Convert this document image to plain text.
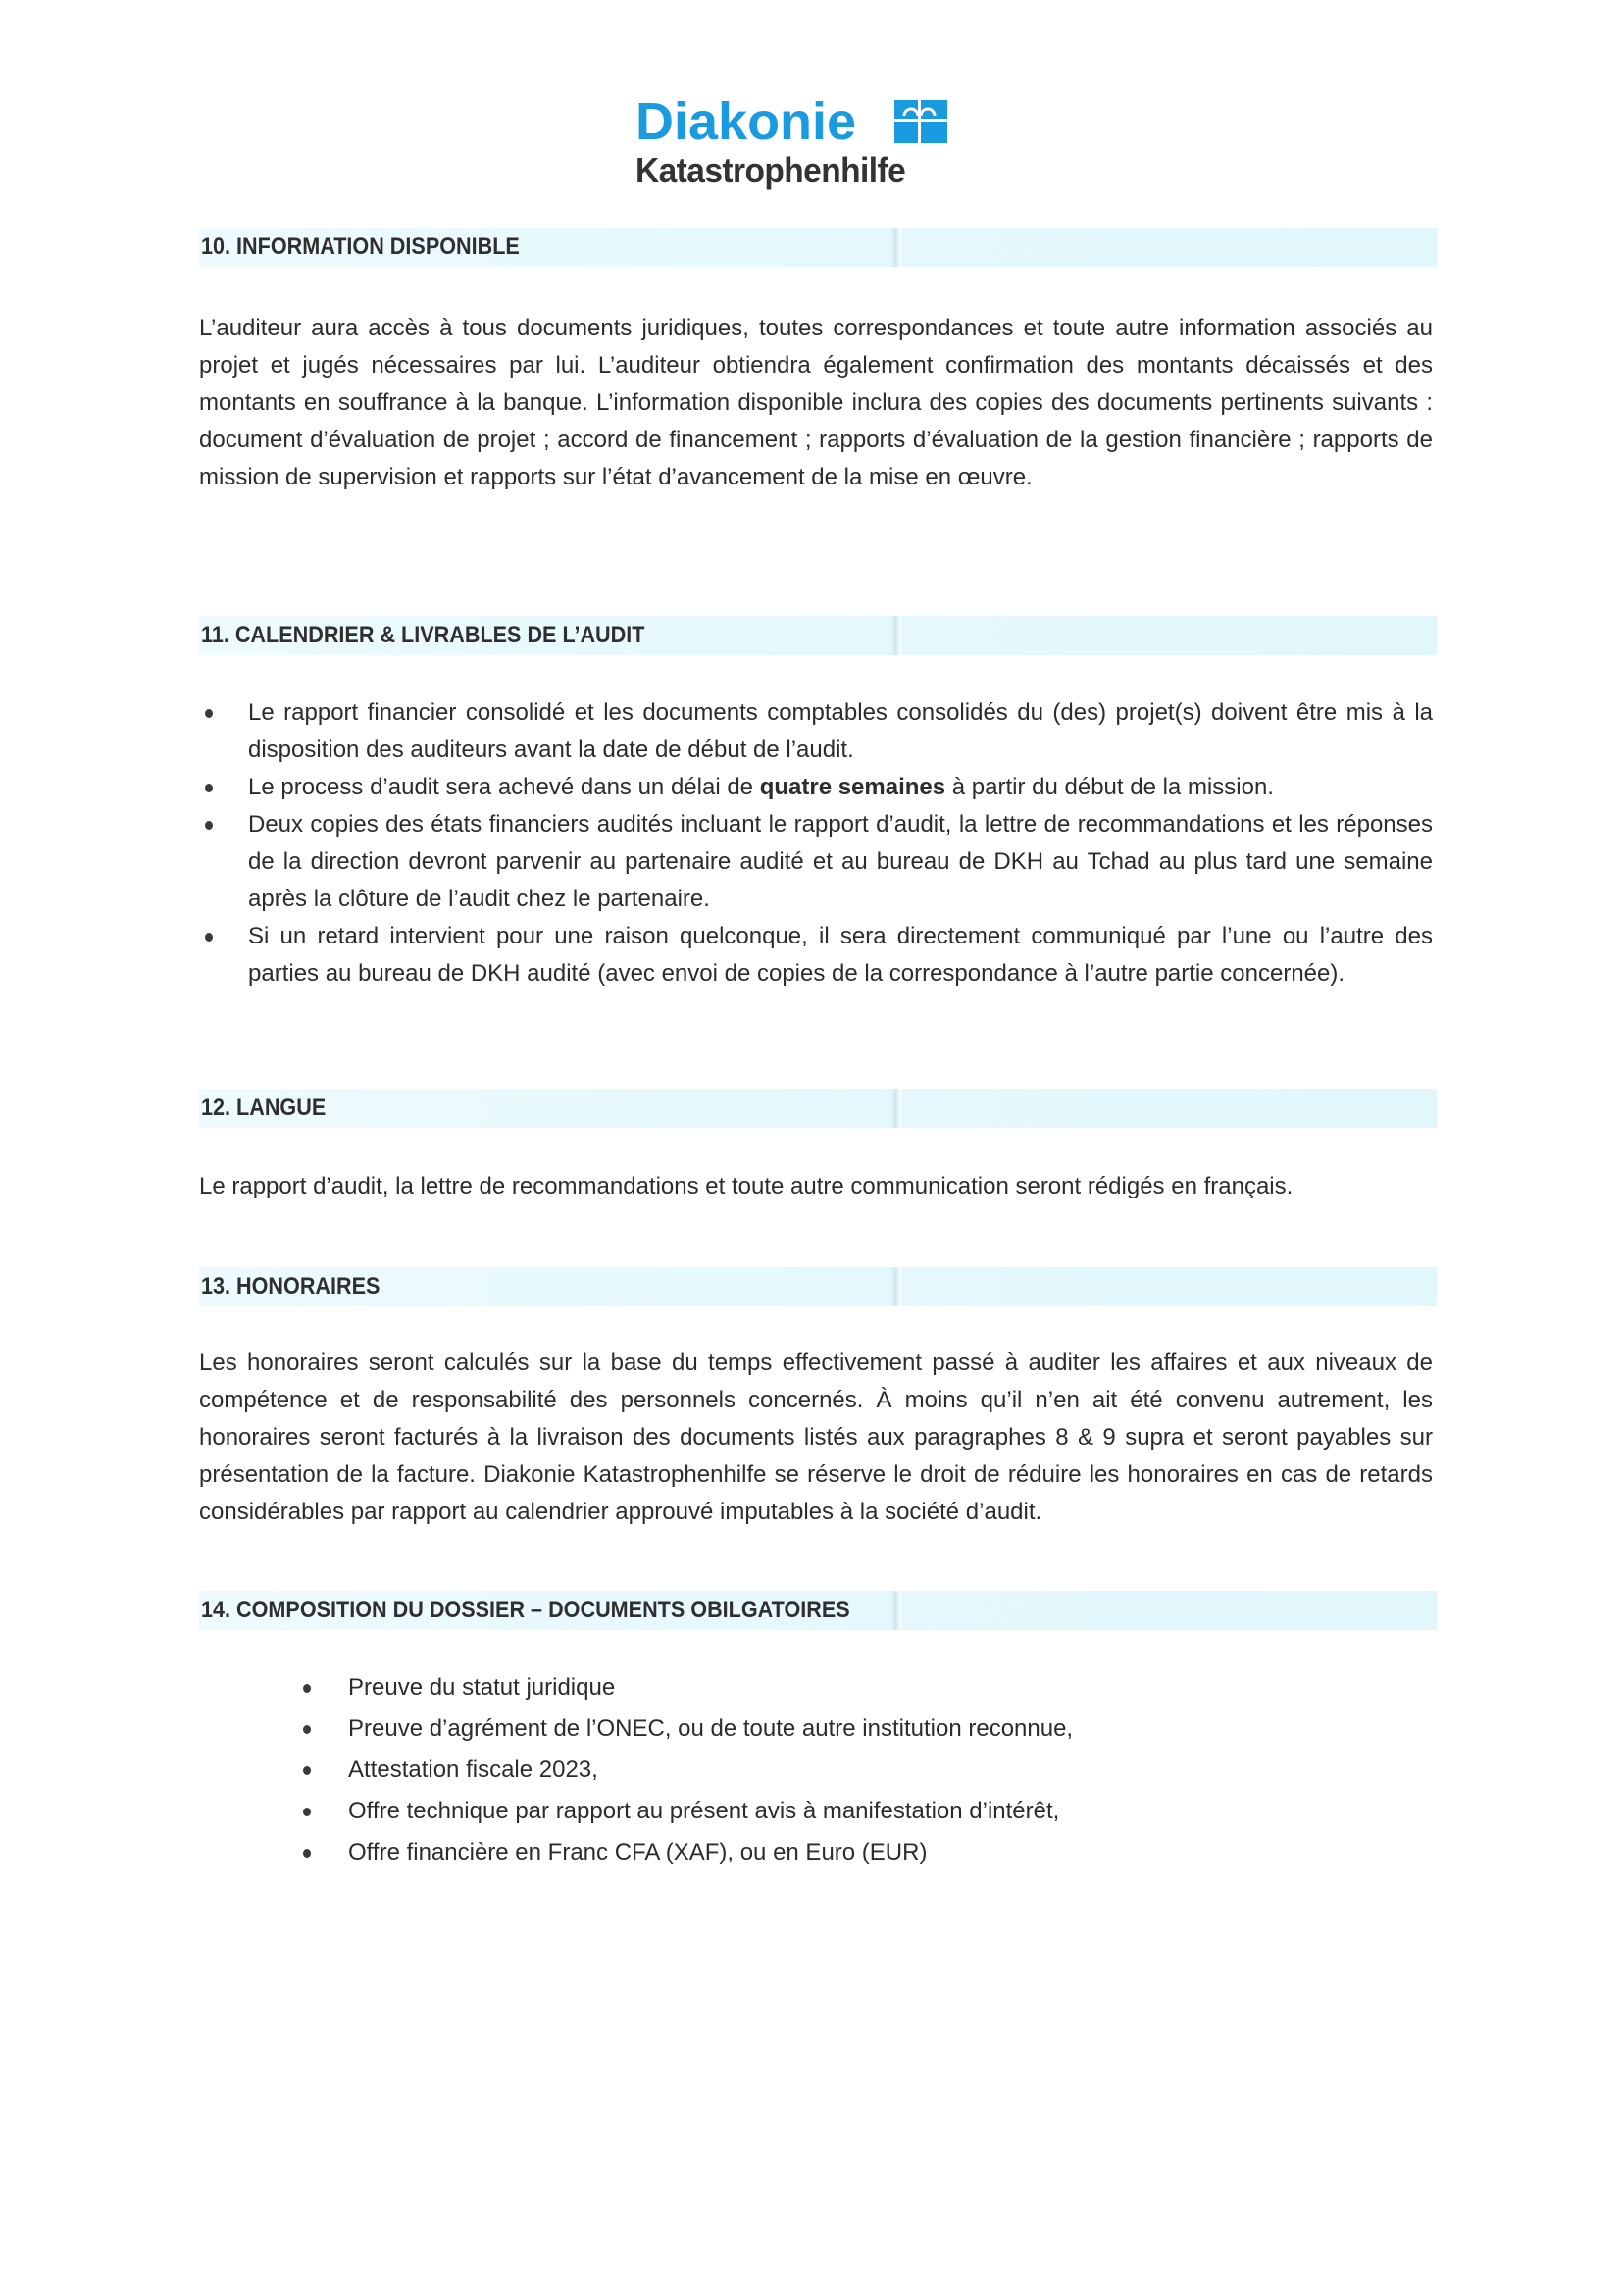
Diakonie
Katastrophenhilfe
10. INFORMATION DISPONIBLE

L’auditeur aura accès à tous documents juridiques, toutes correspondances et toute autre information associés au projet et jugés nécessaires par lui. L’auditeur obtiendra également confirmation des montants décaissés et des montants en souffrance à la banque. L’information disponible inclura des copies des documents pertinents suivants : document d’évaluation de projet ; accord de financement ; rapports d’évaluation de la gestion financière ; rapports de mission de supervision et rapports sur l’état d’avancement de la mise en œuvre.

11. CALENDRIER & LIVRABLES DE L’AUDIT
Le rapport financier consolidé et les documents comptables consolidés du (des) projet(s) doivent être mis à la disposition des auditeurs avant la date de début de l’audit.
Le process d’audit sera achevé dans un délai de quatre semaines à partir du début de la mission.
Deux copies des états financiers audités incluant le rapport d’audit, la lettre de recommandations et les réponses de la direction devront parvenir au partenaire audité et au bureau de DKH au Tchad au plus tard une semaine après la clôture de l’audit chez le partenaire.
Si un retard intervient pour une raison quelconque, il sera directement communiqué par l’une ou l’autre des parties au bureau de DKH audité (avec envoi de copies de la correspondance à l’autre partie concernée).
12. LANGUE

Le rapport d’audit, la lettre de recommandations et toute autre communication seront rédigés en français.

13. HONORAIRES

Les honoraires seront calculés sur la base du temps effectivement passé à auditer les affaires et aux niveaux de compétence et de responsabilité des personnels concernés. À moins qu’il n’en ait été convenu autrement, les honoraires seront facturés à la livraison des documents listés aux paragraphes 8 & 9 supra et seront payables sur présentation de la facture. Diakonie Katastrophenhilfe se réserve le droit de réduire les honoraires en cas de retards considérables par rapport au calendrier approuvé imputables à la société d’audit.

14. COMPOSITION DU DOSSIER – DOCUMENTS OBILGATOIRES
Preuve du statut juridique
Preuve d’agrément de l’ONEC, ou de toute autre institution reconnue,
Attestation fiscale 2023,
Offre technique par rapport au présent avis à manifestation d’intérêt,
Offre financière en Franc CFA (XAF), ou en Euro (EUR)
